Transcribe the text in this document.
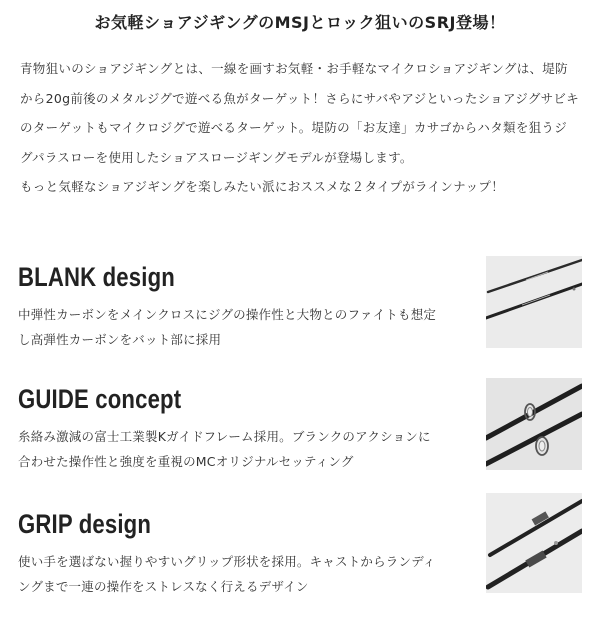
お気軽ショアジギングのMSJとロック狙いのSRJ登場！

青物狙いのショアジギングとは、一線を画すお気軽・お手軽なマイクロショアジギングは、堤防

から20g前後のメタルジグで遊べる魚がターゲット！さらにサバやアジといったショアジグサビキ

のターゲットもマイクロジグで遊べるターゲット。堤防の「お友達」カサゴからハタ類を狙うジ

グパラスローを使用したショアスロージギングモデルが登場します。

もっと気軽なショアジギングを楽しみたい派におススメな２タイプがラインナップ！

BLANK design
中弾性カーボンをメインクロスにジグの操作性と大物とのファイトも想定
し高弾性カーボンをバット部に採用
GUIDE concept
糸絡み激減の富士工業製Kガイドフレーム採用。ブランクのアクションに
合わせた操作性と強度を重視のMCオリジナルセッティング
GRIP design
使い手を選ばない握りやすいグリップ形状を採用。キャストからランディ
ングまで一連の操作をストレスなく行えるデザイン
